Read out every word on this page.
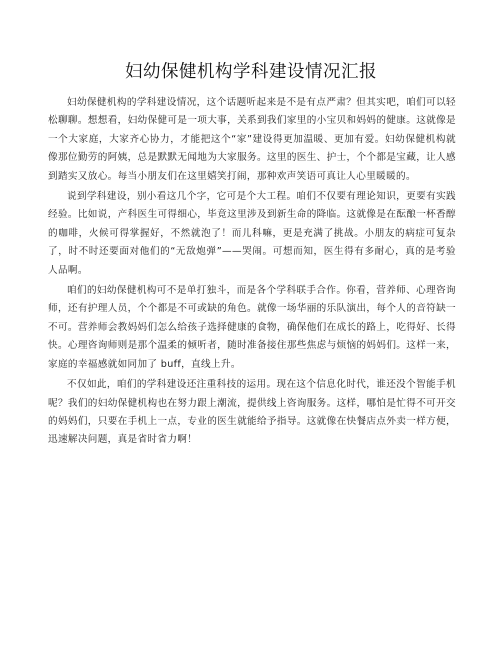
妇幼保健机构学科建设情况汇报

妇幼保健机构的学科建设情况，这个话题听起来是不是有点严肃？但其实吧，咱们可以轻松聊聊。想想看，妇幼保健可是一项大事，关系到我们家里的小宝贝和妈妈的健康。这就像是一个大家庭，大家齐心协力，才能把这个“家”建设得更加温暖、更加有爱。妇幼保健机构就像那位勤劳的阿姨，总是默默无闻地为大家服务。这里的医生、护士，个个都是宝藏，让人感到踏实又放心。每当小朋友们在这里嬉笑打闹，那种欢声笑语可真让人心里暖暖的。

说到学科建设，别小看这几个字，它可是个大工程。咱们不仅要有理论知识，更要有实践经验。比如说，产科医生可得细心，毕竟这里涉及到新生命的降临。这就像是在酝酿一杯香醇的咖啡，火候可得掌握好，不然就泡了！而儿科嘛，更是充满了挑战。小朋友的病症可复杂了，时不时还要面对他们的“无敌炮弹”——哭闹。可想而知，医生得有多耐心，真的是考验人品啊。

咱们的妇幼保健机构可不是单打独斗，而是各个学科联手合作。你看，营养师、心理咨询师，还有护理人员，个个都是不可或缺的角色。就像一场华丽的乐队演出，每个人的音符缺一不可。营养师会教妈妈们怎么给孩子选择健康的食物，确保他们在成长的路上，吃得好、长得快。心理咨询师则是那个温柔的倾听者，随时准备接住那些焦虑与烦恼的妈妈们。这样一来，家庭的幸福感就如同加了 buff，直线上升。

不仅如此，咱们的学科建设还注重科技的运用。现在这个信息化时代，谁还没个智能手机呢？我们的妇幼保健机构也在努力跟上潮流，提供线上咨询服务。这样，哪怕是忙得不可开交的妈妈们，只要在手机上一点，专业的医生就能给予指导。这就像在快餐店点外卖一样方便，迅速解决问题，真是省时省力啊！
